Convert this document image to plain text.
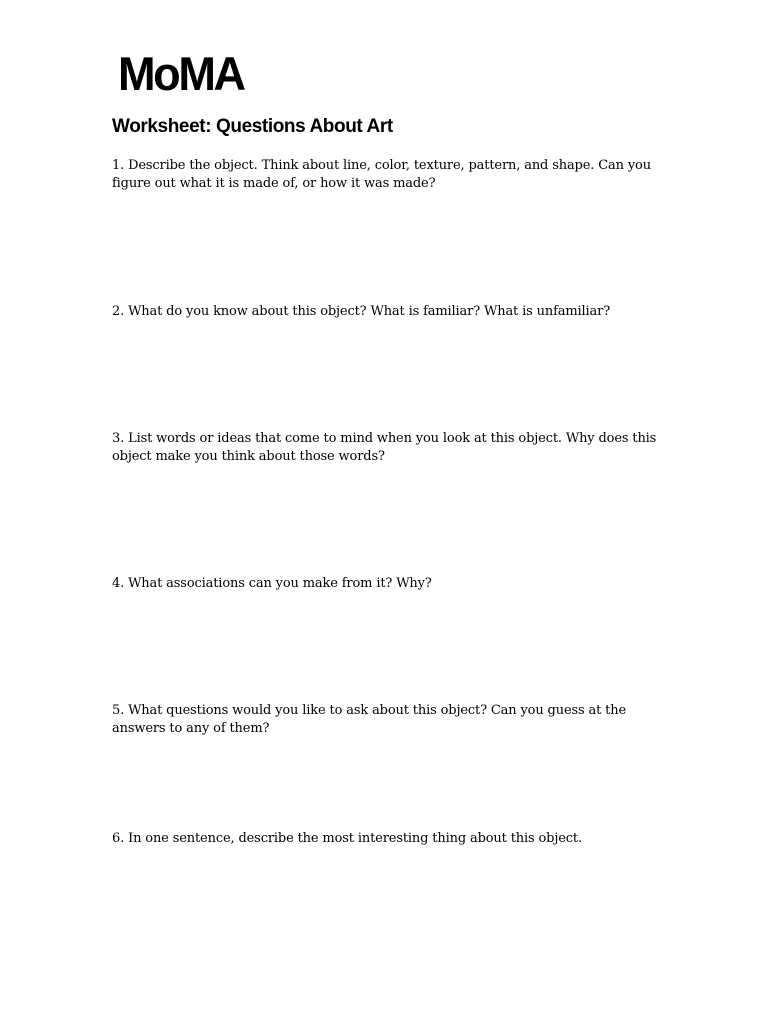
MoMA
Worksheet: Questions About Art
1. Describe the object. Think about line, color, texture, pattern, and shape. Can you figure out what it is made of, or how it was made?
2. What do you know about this object? What is familiar? What is unfamiliar?
3. List words or ideas that come to mind when you look at this object. Why does this object make you think about those words?
4. What associations can you make from it? Why?
5. What questions would you like to ask about this object? Can you guess at the answers to any of them?
6. In one sentence, describe the most interesting thing about this object.
